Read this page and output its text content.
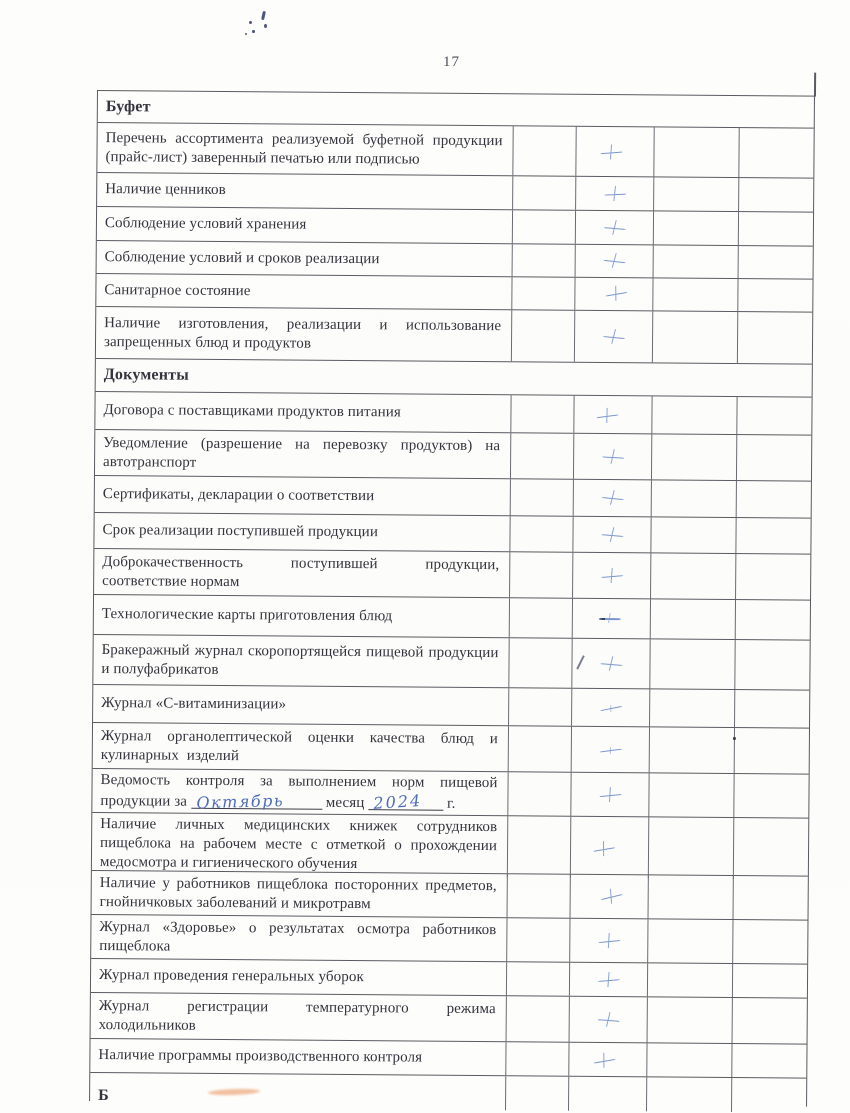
17
Буфет
Перечень ассортимента реализуемой буфетной продукции (прайс-лист) заверенный печатью или подписью
Наличие ценников
Соблюдение условий хранения
Соблюдение условий и сроков реализации
Санитарное состояние
Наличие изготовления, реализации и использование запрещенных блюд и продуктов
Документы
Договора с поставщиками продуктов питания
Уведомление (разрешение на перевозку продуктов) на автотранспорт
Сертификаты, декларации о соответствии
Срок реализации поступившей продукции
Доброкачественность поступившей продукции, соответствие нормам
Технологические карты приготовления блюд
Бракеражный журнал скоропортящейся пищевой продукции и полуфабрикатов
Журнал «С-витаминизации»
Журнал органолептической оценки качества блюд и кулинарных изделий
Ведомость контроля за выполнением норм пищевой продукции за Октябрь	месяц 2024 г.
Наличие личных медицинских книжек сотрудников пищеблока на рабочем месте с отметкой о прохождении медосмотра и гигиенического обучения
Наличие у работников пищеблока посторонних предметов, гнойничковых заболеваний и микротравм
Журнал «Здоровье» о результатах осмотра работников пищеблока
Журнал проведения генеральных уборок
Журнал регистрации температурного режима холодильников
Наличие программы производственного контроля
Б
